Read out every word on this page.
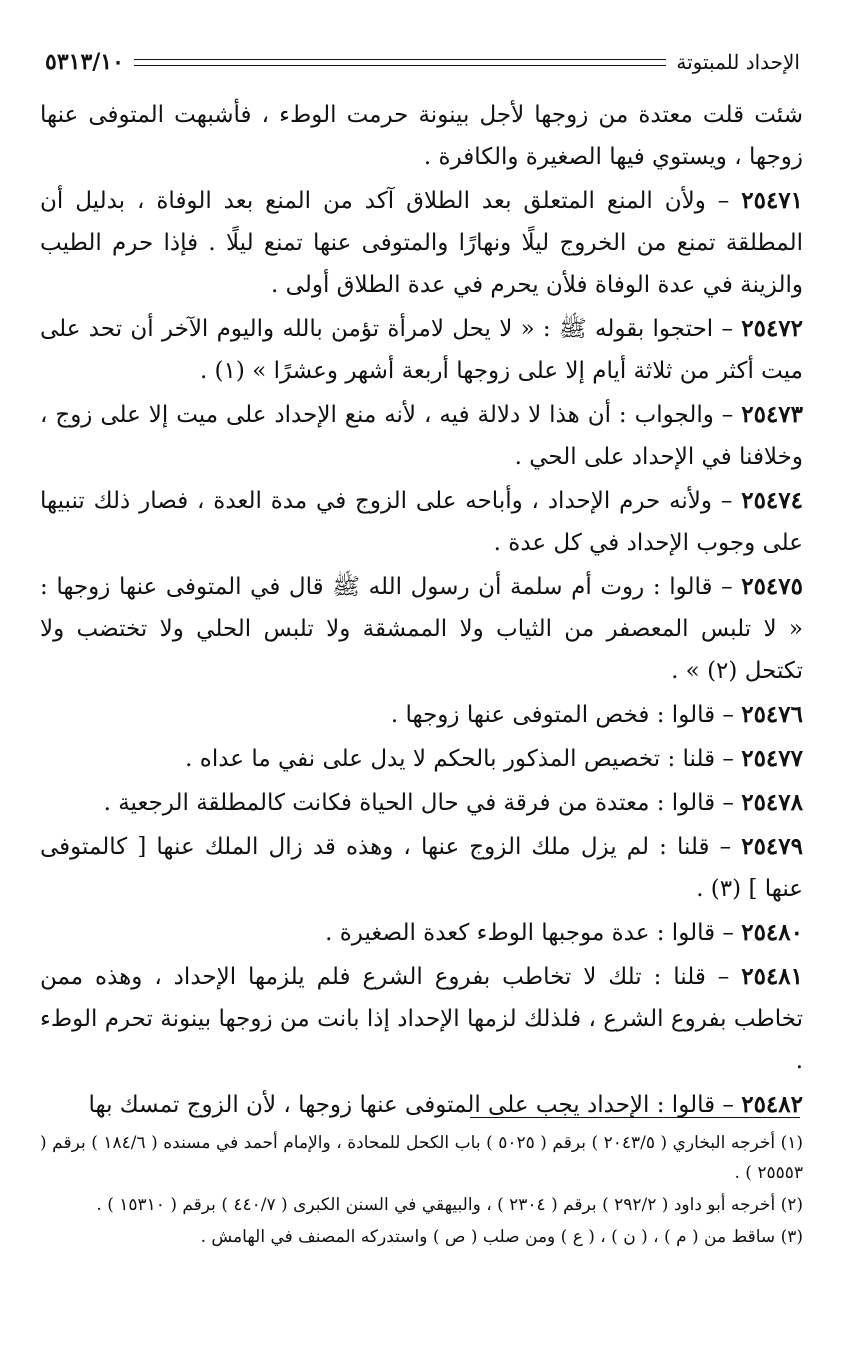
الإحداد للمبتوتة
٥٣١٣/١٠

شئت قلت معتدة من زوجها لأجل بينونة حرمت الوطء ، فأشبهت المتوفى عنها زوجها ، ويستوي فيها الصغيرة والكافرة .

٢٥٤٧١ – ولأن المنع المتعلق بعد الطلاق آكد من المنع بعد الوفاة ، بدليل أن المطلقة تمنع من الخروج ليلًا ونهارًا والمتوفى عنها تمنع ليلًا . فإذا حرم الطيب والزينة في عدة الوفاة فلأن يحرم في عدة الطلاق أولى .

٢٥٤٧٢ – احتجوا بقوله ﷺ : « لا يحل لامرأة تؤمن بالله واليوم الآخر أن تحد على ميت أكثر من ثلاثة أيام إلا على زوجها أربعة أشهر وعشرًا » (١) .

٢٥٤٧٣ – والجواب : أن هذا لا دلالة فيه ، لأنه منع الإحداد على ميت إلا على زوج ، وخلافنا في الإحداد على الحي .

٢٥٤٧٤ – ولأنه حرم الإحداد ، وأباحه على الزوج في مدة العدة ، فصار ذلك تنبيها على وجوب الإحداد في كل عدة .

٢٥٤٧٥ – قالوا : روت أم سلمة أن رسول الله ﷺ قال في المتوفى عنها زوجها : « لا تلبس المعصفر من الثياب ولا الممشقة ولا تلبس الحلي ولا تختضب ولا تكتحل (٢) » .

٢٥٤٧٦ – قالوا : فخص المتوفى عنها زوجها .

٢٥٤٧٧ – قلنا : تخصيص المذكور بالحكم لا يدل على نفي ما عداه .

٢٥٤٧٨ – قالوا : معتدة من فرقة في حال الحياة فكانت كالمطلقة الرجعية .

٢٥٤٧٩ – قلنا : لم يزل ملك الزوج عنها ، وهذه قد زال الملك عنها [ كالمتوفى عنها ] (٣) .

٢٥٤٨٠ – قالوا : عدة موجبها الوطء كعدة الصغيرة .

٢٥٤٨١ – قلنا : تلك لا تخاطب بفروع الشرع فلم يلزمها الإحداد ، وهذه ممن تخاطب بفروع الشرع ، فلذلك لزمها الإحداد إذا بانت من زوجها بينونة تحرم الوطء .

٢٥٤٨٢ – قالوا : الإحداد يجب على المتوفى عنها زوجها ، لأن الزوج تمسك بها

(١) أخرجه البخاري ( ٢٠٤٣/٥ ) برقم ( ٥٠٢٥ ) باب الكحل للمحادة ، والإمام أحمد في مسنده ( ١٨٤/٦ ) برقم ( ٢٥٥٥٣ ) .

(٢) أخرجه أبو داود ( ٢٩٢/٢ ) برقم ( ٢٣٠٤ ) ، والبيهقي في السنن الكبرى ( ٤٤٠/٧ ) برقم ( ١٥٣١٠ ) .

(٣) ساقط من ( م ) ، ( ن ) ، ( ع ) ومن صلب ( ص ) واستدركه المصنف في الهامش .
